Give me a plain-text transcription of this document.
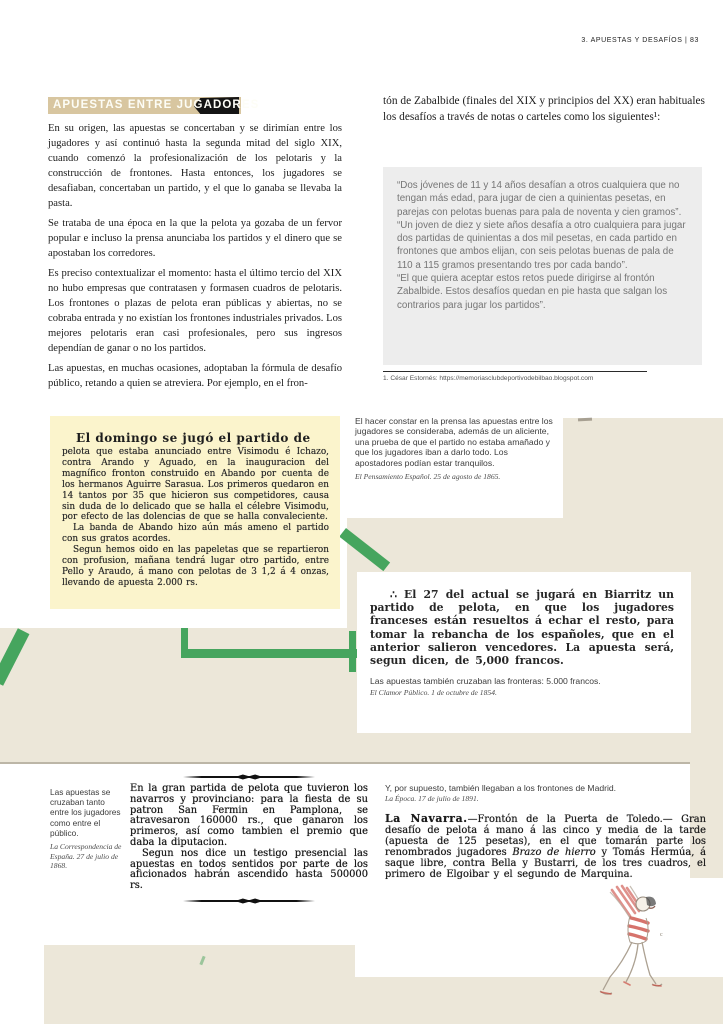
3. APUESTAS Y DESAFÍOS | 83
APUESTAS ENTRE JUGADORES

En su origen, las apuestas se concertaban y se dirimían entre los jugadores y así continuó hasta la segunda mitad del siglo XIX, cuando comenzó la profesionalización de los pelotaris y la construcción de frontones. Hasta entonces, los jugadores se desafiaban, concertaban un partido, y el que lo ganaba se llevaba la pasta.

Se trataba de una época en la que la pelota ya gozaba de un fervor popular e incluso la prensa anunciaba los partidos y el dinero que se apostaban los corredores.

Es preciso contextualizar el momento: hasta el último tercio del XIX no hubo empresas que contratasen y formasen cuadros de pelotaris. Los frontones o plazas de pelota eran públicas y abiertas, no se cobraba entrada y no existían los frontones industriales privados. Los mejores pelotaris eran casi profesionales, pero sus ingresos dependían de ganar o no los partidos.

Las apuestas, en muchas ocasiones, adoptaban la fórmula de desafío público, retando a quien se atreviera. Por ejemplo, en el fron-

tón de Zabalbide (finales del XIX y principios del XX) eran habituales los desafíos a través de notas o carteles como los siguientes¹:

“Dos jóvenes de 11 y 14 años desafían a otros cualquiera que no tengan más edad, para jugar de cien a quinientas pesetas, en parejas con pelotas buenas para pala de noventa y cien gramos”.

“Un joven de diez y siete años desafía a otro cualquiera para jugar dos partidas de quinientas a dos mil pesetas, en cada partido en frontones que ambos elijan, con seis pelotas buenas de pala de 110 a 115 gramos presentando tres por cada bando”.

“El que quiera aceptar estos retos puede dirigirse al frontón Zabalbide. Estos desafíos quedan en pie hasta que salgan los contrarios para jugar los partidos”.

1. César Estornés: https://memoriasclubdeportivodebilbao.blogspot.com
El domingo se jugó el partido de

pelota que estaba anunciado entre Visimodu é Ichazo, contra Arando y Aguado, en la inauguracion del magnífico fronton construido en Abando por cuenta de los hermanos Aguirre Sarasua. Los primeros quedaron en 14 tantos por 35 que hicieron sus competidores, causa sin duda de lo delicado que se halla el célebre Visimodu, por efecto de las dolencias de que se halla convaleciente.

La banda de Abando hizo aún más ameno el partido con sus gratos acordes.

Segun hemos oido en las papeletas que se repartieron con profusion, mañana tendrá lugar otro partido, entre Pello y Araudo, á mano con pelotas de 3 1,2 á 4 onzas, llevando de apuesta 2.000 rs.

El hacer constar en la prensa las apuestas entre los jugadores se consideraba, además de un aliciente, una prueba de que el partido no estaba amañado y que los jugadores iban a darlo todo. Los apostadores podían estar tranquilos.
El Pensamiento Español. 25 de agosto de 1865.
∴ El 27 del actual se jugará en Biarritz un partido de pelota, en que los jugadores franceses están resueltos á echar el resto, para tomar la rebancha de los españoles, que en el anterior salieron vencedores. La apuesta será, segun dicen, de 5,000 francos.
Las apuestas también cruzaban las fronteras: 5.000 francos.
El Clamor Público. 1 de octubre de 1854.
Las apuestas se cruzaban tanto entre los jugadores como entre el público.
La Correspondencia de España. 27 de julio de 1868.

En la gran partida de pelota que tuvieron los navarros y provinciano: para la fiesta de su patron San Fermin en Pamplona, se atravesaron 160000 rs., que ganaron los primeros, así como tambien el premio que daba la diputacion.

Segun nos dice un testigo presencial las apuestas en todos sentidos por parte de los aficionados habrán ascendido hasta 500000 rs.

Y, por supuesto, también llegaban a los frontones de Madrid.
La Época. 17 de julio de 1891.
La Navarra.—Frontón de la Puerta de Toledo.— Gran desafío de pelota á mano á las cinco y media de la tarde (apuesta de 125 pesetas), en el que tomarán parte los renombrados jugadores Brazo de hierro y Tomás Hermúa, á saque libre, contra Bella y Bustarri, de los tres cuadros, el primero de Elgoibar y el segundo de Marquina.
c
